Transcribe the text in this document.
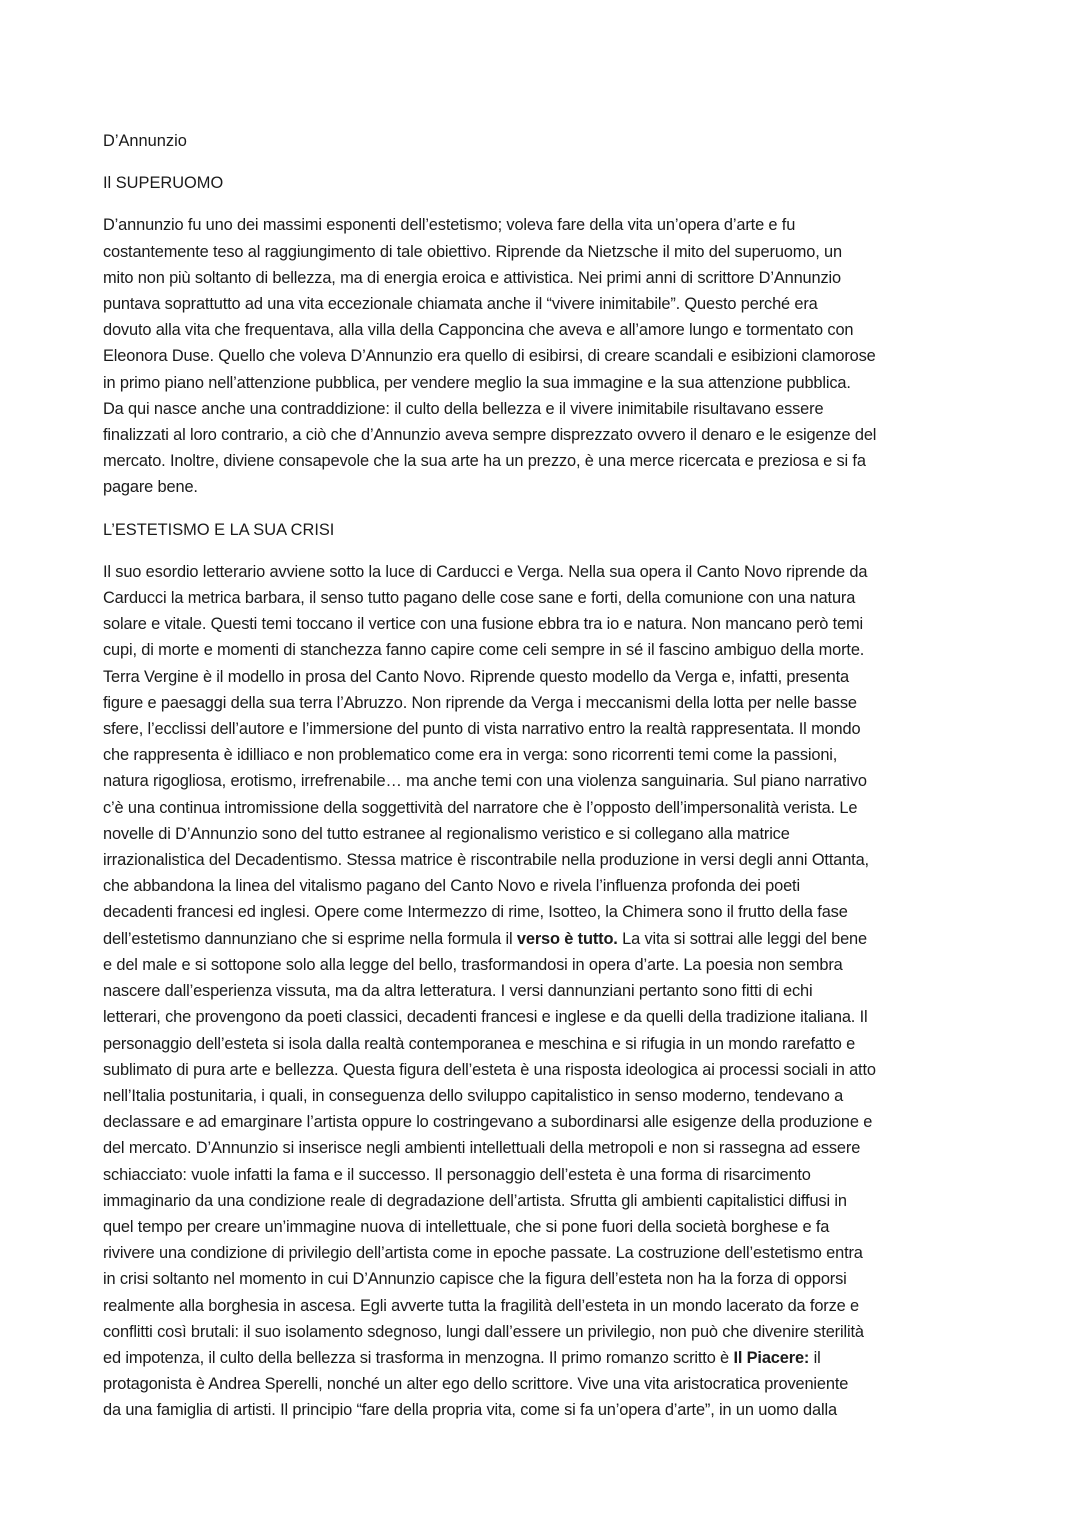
D’Annunzio
Il SUPERUOMO
D’annunzio fu uno dei massimi esponenti dell’estetismo; voleva fare della vita un’opera d’arte e fu
costantemente teso al raggiungimento di tale obiettivo. Riprende da Nietzsche il mito del superuomo, un
mito non più soltanto di bellezza, ma di energia eroica e attivistica. Nei primi anni di scrittore D’Annunzio
puntava soprattutto ad una vita eccezionale chiamata anche il “vivere inimitabile”. Questo perché era
dovuto alla vita che frequentava, alla villa della Capponcina che aveva e all’amore lungo e tormentato con
Eleonora Duse. Quello che voleva D’Annunzio era quello di esibirsi, di creare scandali e esibizioni clamorose
in primo piano nell’attenzione pubblica, per vendere meglio la sua immagine e la sua attenzione pubblica.
Da qui nasce anche una contraddizione: il culto della bellezza e il vivere inimitabile risultavano essere
finalizzati al loro contrario, a ciò che d’Annunzio aveva sempre disprezzato ovvero il denaro e le esigenze del
mercato. Inoltre, diviene consapevole che la sua arte ha un prezzo, è una merce ricercata e preziosa e si fa
pagare bene.
L’ESTETISMO E LA SUA CRISI
Il suo esordio letterario avviene sotto la luce di Carducci e Verga. Nella sua opera il Canto Novo riprende da
Carducci la metrica barbara, il senso tutto pagano delle cose sane e forti, della comunione con una natura
solare e vitale. Questi temi toccano il vertice con una fusione ebbra tra io e natura. Non mancano però temi
cupi, di morte e momenti di stanchezza fanno capire come celi sempre in sé il fascino ambiguo della morte.
Terra Vergine è il modello in prosa del Canto Novo. Riprende questo modello da Verga e, infatti, presenta
figure e paesaggi della sua terra l’Abruzzo. Non riprende da Verga i meccanismi della lotta per nelle basse
sfere, l’ecclissi dell’autore e l’immersione del punto di vista narrativo entro la realtà rappresentata. Il mondo
che rappresenta è idilliaco e non problematico come era in verga: sono ricorrenti temi come la passioni,
natura rigogliosa, erotismo, irrefrenabile… ma anche temi con una violenza sanguinaria. Sul piano narrativo
c’è una continua intromissione della soggettività del narratore che è l’opposto dell’impersonalità verista. Le
novelle di D’Annunzio sono del tutto estranee al regionalismo veristico e si collegano alla matrice
irrazionalistica del Decadentismo. Stessa matrice è riscontrabile nella produzione in versi degli anni Ottanta,
che abbandona la linea del vitalismo pagano del Canto Novo e rivela l’influenza profonda dei poeti
decadenti francesi ed inglesi. Opere come Intermezzo di rime, Isotteo, la Chimera sono il frutto della fase
dell’estetismo dannunziano che si esprime nella formula il verso è tutto. La vita si sottrai alle leggi del bene
e del male e si sottopone solo alla legge del bello, trasformandosi in opera d’arte. La poesia non sembra
nascere dall’esperienza vissuta, ma da altra letteratura. I versi dannunziani pertanto sono fitti di echi
letterari, che provengono da poeti classici, decadenti francesi e inglese e da quelli della tradizione italiana. Il
personaggio dell’esteta si isola dalla realtà contemporanea e meschina e si rifugia in un mondo rarefatto e
sublimato di pura arte e bellezza. Questa figura dell’esteta è una risposta ideologica ai processi sociali in atto
nell’Italia postunitaria, i quali, in conseguenza dello sviluppo capitalistico in senso moderno, tendevano a
declassare e ad emarginare l’artista oppure lo costringevano a subordinarsi alle esigenze della produzione e
del mercato. D’Annunzio si inserisce negli ambienti intellettuali della metropoli e non si rassegna ad essere
schiacciato: vuole infatti la fama e il successo. Il personaggio dell’esteta è una forma di risarcimento
immaginario da una condizione reale di degradazione dell’artista. Sfrutta gli ambienti capitalistici diffusi in
quel tempo per creare un’immagine nuova di intellettuale, che si pone fuori della società borghese e fa
rivivere una condizione di privilegio dell’artista come in epoche passate. La costruzione dell’estetismo entra
in crisi soltanto nel momento in cui D’Annunzio capisce che la figura dell’esteta non ha la forza di opporsi
realmente alla borghesia in ascesa. Egli avverte tutta la fragilità dell’esteta in un mondo lacerato da forze e
conflitti così brutali: il suo isolamento sdegnoso, lungi dall’essere un privilegio, non può che divenire sterilità
ed impotenza, il culto della bellezza si trasforma in menzogna. Il primo romanzo scritto è Il Piacere: il
protagonista è Andrea Sperelli, nonché un alter ego dello scrittore. Vive una vita aristocratica proveniente
da una famiglia di artisti. Il principio “fare della propria vita, come si fa un’opera d’arte”, in un uomo dalla
